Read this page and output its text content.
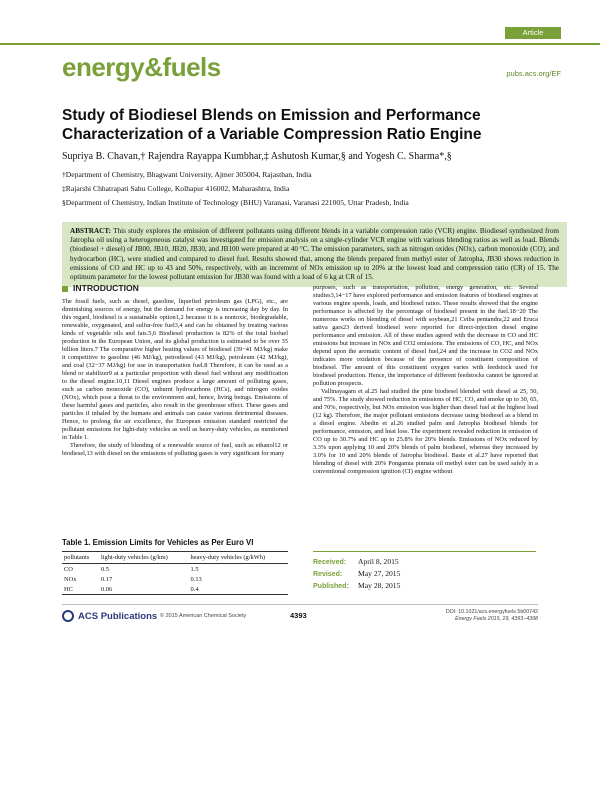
Article
energy&fuels	pubs.acs.org/EF
Study of Biodiesel Blends on Emission and Performance Characterization of a Variable Compression Ratio Engine
Supriya B. Chavan,† Rajendra Rayappa Kumbhar,‡ Ashutosh Kumar,§ and Yogesh C. Sharma*,§
†Department of Chemistry, Bhagwant University, Ajmer 305004, Rajasthan, India
‡Rajarshi Chhatrapati Sahu College, Kolhapur 416002, Maharashtra, India
§Department of Chemistry, Indian Institute of Technology (BHU) Varanasi, Varanasi 221005, Uttar Pradesh, India
ABSTRACT: This study explores the emission of different pollutants using different blends in a variable compression ratio (VCR) engine. Biodiesel synthesized from Jatropha oil using a heterogeneous catalyst was investigated for emission analysis on a single-cylinder VCR engine with various blending ratios as well as load. Blends (biodiesel + diesel) of JB00, JB10, JB20, JB30, and JB100 were prepared at 40 °C. The emission parameters, such as nitrogen oxides (NOx), carbon monoxide (CO), and hydrocarbon (HC), were studied and compared to diesel fuel. Results showed that, among the blends prepared from methyl ester of Jatropha, JB30 shows reduction in emissions of CO and HC up to 43 and 50%, respectively, with an increment of NOx emission up to 20% at the lowest load and compression ratio (CR) of 15. The optimum parameter for the lowest pollutant emission for JB30 was found with a load of 6 kg at CR of 15.
INTRODUCTION

The fossil fuels, such as diesel, gasoline, liquefied petroleum gas (LPG), etc., are diminishing sources of energy, but the demand for energy is increasing day by day. In this regard, biodiesel is a sustainable option1,2 because it is a nontoxic, biodegradable, renewable, oxygenated, and sulfur-free fuel3,4 and can be obtained by treating various kinds of vegetable oils and fats.5,6 Biodiesel production is 82% of the total biofuel production in the European Union, and its global production is estimated to be over 35 billion liters.7 The comparative higher heating values of biodiesel (39−41 MJ/kg) make it competitive to gasoline (46 MJ/kg), petrodiesel (43 MJ/kg), petroleum (42 MJ/kg), and coal (32−37 MJ/kg) for use in transportation fuel.8 Therefore, it can be used as a blend or stabilizer9 at a particular proportion with diesel fuel without any modification to the diesel engine.10,11 Diesel engines produce a large amount of polluting gases, such as carbon monoxide (CO), unburnt hydrocarbons (HCs), and nitrogen oxides (NOx), which pose a threat to the environment and, hence, living beings. Emissions of these harmful gases and particles, also result in the greenhouse effect. These gases and particles if inhaled by the humans and animals can cause various detrimental diseases. Hence, to prolong the air excellence, the European emission standard restricted the pollutant emissions for light-duty vehicles as well as heavy-duty vehicles, as mentioned in Table 1.

Therefore, the study of blending of a renewable source of fuel, such as ethanol12 or biodiesel,13 with diesel on the emissions of polluting gases is very significant for many

Table 1. Emission Limits for Vehicles as Per Euro VI
pollutants	light-duty vehicles (g/km)	heavy-duty vehicles (g/kWh)
CO	0.5	1.5
NOx	0.17	0.13
HC	0.06	0.4

purposes, such as transportation, pollution, energy generation, etc. Several studies3,14−17 have explored performance and emission features of biodiesel engines at various engine speeds, loads, and biodiesel ratios. These results showed that the engine performance is affected by the percentage of biodiesel present in the fuel.18−20 The numerous works on blending of diesel with soybean,21 Ceiba pentandra,22 and Eruca sativa gars23 derived biodiesel were reported for direct-injection diesel engine performance and emission. All of these studies agreed with the decrease in CO and HC emissions but increase in NOx and CO2 emissions. The emissions of CO, HC, and NOx depend upon the aromatic content of diesel fuel,24 and the increase in CO2 and NOx indicates more oxidation because of the presence of constituent composition of biodiesel. The amount of this constituent oxygen varies with feedstock used for biodiesel production. Hence, the importance of different feedstocks cannot be ignored at pollution prospects.

Vallinayagam et al.25 had studied the pine biodiesel blended with diesel at 25, 50, and 75%. The study showed reduction in emissions of HC, CO, and smoke up to 30, 65, and 70%, respectively, but NOx emission was higher than diesel fuel at the highest load (12 kg). Therefore, the major pollutant emissions decrease using biodiesel as a blend in a diesel engine. Abedin et al.26 studied palm and Jatropha biodiesel blends for performance, emission, and heat loss. The experiment revealed reduction in emission of CO up to 30.7% and HC up to 25.8% for 20% blends. Emissions of NOx reduced by 3.3% upon applying 10 and 20% blends of palm biodiesel, whereas they increased by 3.0% for 10 and 20% blends of Jatropha biodiesel. Baste et al.27 have reported that blending of diesel with 20% Pongamia pinnata oil methyl ester can be used safely in a conventional compression ignition (CI) engine without

Received: April 8, 2015
Revised: May 27, 2015
Published: May 28, 2015
ACS Publications © 2015 American Chemical Society	4393	DOI: 10.1021/acs.energyfuels.5b00742
Energy Fuels 2015, 29, 4393−4398
